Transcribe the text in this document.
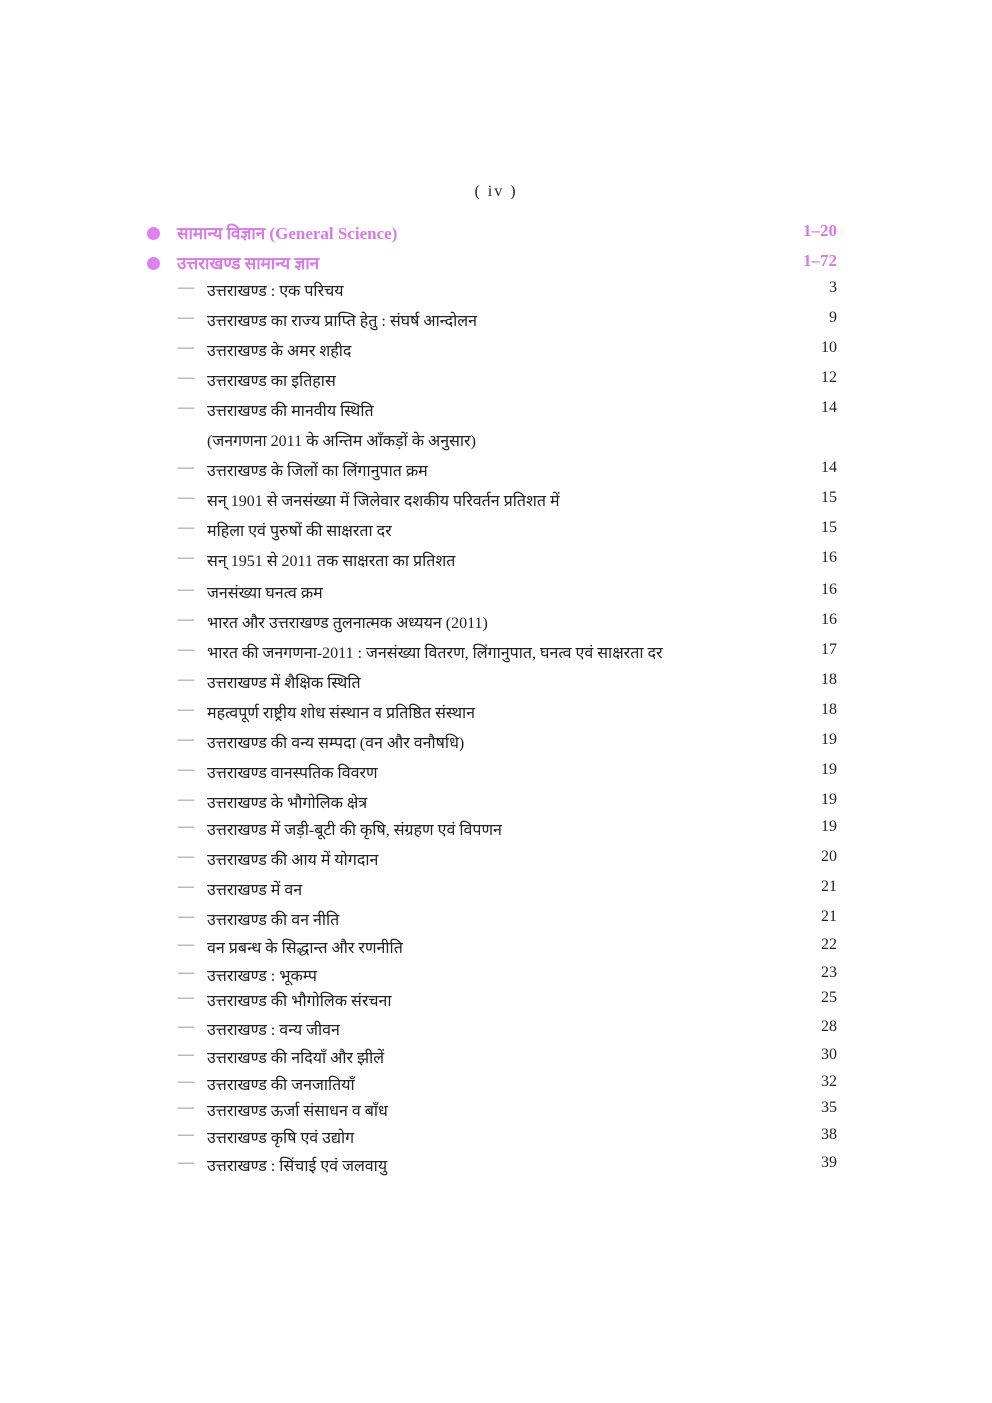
( iv )
सामान्य विज्ञान (General Science)	1–20
उत्तराखण्ड सामान्य ज्ञान	1–72
— उत्तराखण्ड : एक परिचय	3
— उत्तराखण्ड का राज्य प्राप्ति हेतु : संघर्ष आन्दोलन	9
— उत्तराखण्ड के अमर शहीद	10
— उत्तराखण्ड का इतिहास	12
— उत्तराखण्ड की मानवीय स्थिति	14
(जनगणना 2011 के अन्तिम आँकड़ों के अनुसार)
— उत्तराखण्ड के जिलों का लिंगानुपात क्रम	14
— सन् 1901 से जनसंख्या में जिलेवार दशकीय परिवर्तन प्रतिशत में	15
— महिला एवं पुरुषों की साक्षरता दर	15
— सन् 1951 से 2011 तक साक्षरता का प्रतिशत	16
— जनसंख्या घनत्व क्रम	16
— भारत और उत्तराखण्ड तुलनात्मक अध्ययन (2011)	16
— भारत की जनगणना-2011 : जनसंख्या वितरण, लिंगानुपात, घनत्व एवं साक्षरता दर	17
— उत्तराखण्ड में शैक्षिक स्थिति	18
— महत्वपूर्ण राष्ट्रीय शोध संस्थान व प्रतिष्ठित संस्थान	18
— उत्तराखण्ड की वन्य सम्पदा (वन और वनौषधि)	19
— उत्तराखण्ड वानस्पतिक विवरण	19
— उत्तराखण्ड के भौगोलिक क्षेत्र	19
— उत्तराखण्ड में जड़ी-बूटी की कृषि, संग्रहण एवं विपणन	19
— उत्तराखण्ड की आय में योगदान	20
— उत्तराखण्ड में वन	21
— उत्तराखण्ड की वन नीति	21
— वन प्रबन्ध के सिद्धान्त और रणनीति	22
— उत्तराखण्ड : भूकम्प	23
— उत्तराखण्ड की भौगोलिक संरचना	25
— उत्तराखण्ड : वन्य जीवन	28
— उत्तराखण्ड की नदियाँ और झीलें	30
— उत्तराखण्ड की जनजातियाँ	32
— उत्तराखण्ड ऊर्जा संसाधन व बाँध	35
— उत्तराखण्ड कृषि एवं उद्योग	38
— उत्तराखण्ड : सिंचाई एवं जलवायु	39
